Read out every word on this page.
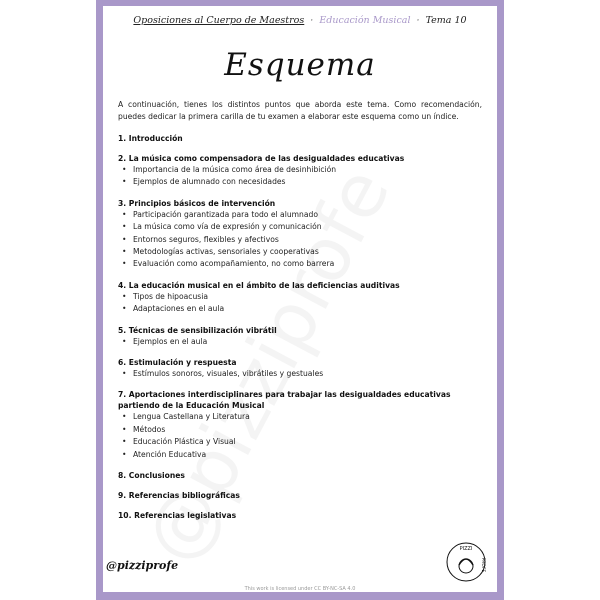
Oposiciones al Cuerpo de Maestros · Educación Musical · Tema 10
Esquema
A continuación, tienes los distintos puntos que aborda este tema. Como recomendación, puedes dedicar la primera carilla de tu examen a elaborar este esquema como un índice.
1. Introducción
2. La música como compensadora de las desigualdades educativas
• Importancia de la música como área de desinhibición
• Ejemplos de alumnado con necesidades
3. Principios básicos de intervención
• Participación garantizada para todo el alumnado
• La música como vía de expresión y comunicación
• Entornos seguros, flexibles y afectivos
• Metodologías activas, sensoriales y cooperativas
• Evaluación como acompañamiento, no como barrera
4. La educación musical en el ámbito de las deficiencias auditivas
• Tipos de hipoacusia
• Adaptaciones en el aula
5. Técnicas de sensibilización vibrátil
• Ejemplos en el aula
6. Estimulación y respuesta
• Estímulos sonoros, visuales, vibrátiles y gestuales
7. Aportaciones interdisciplinares para trabajar las desigualdades educativas partiendo de la Educación Musical
• Lengua Castellana y Literatura
• Métodos
• Educación Plástica y Visual
• Atención Educativa
8. Conclusiones
9. Referencias bibliográficas
10. Referencias legislativas
@pizziprofe
PIZZI
PROFE
This work is licensed under CC BY-NC-SA 4.0
